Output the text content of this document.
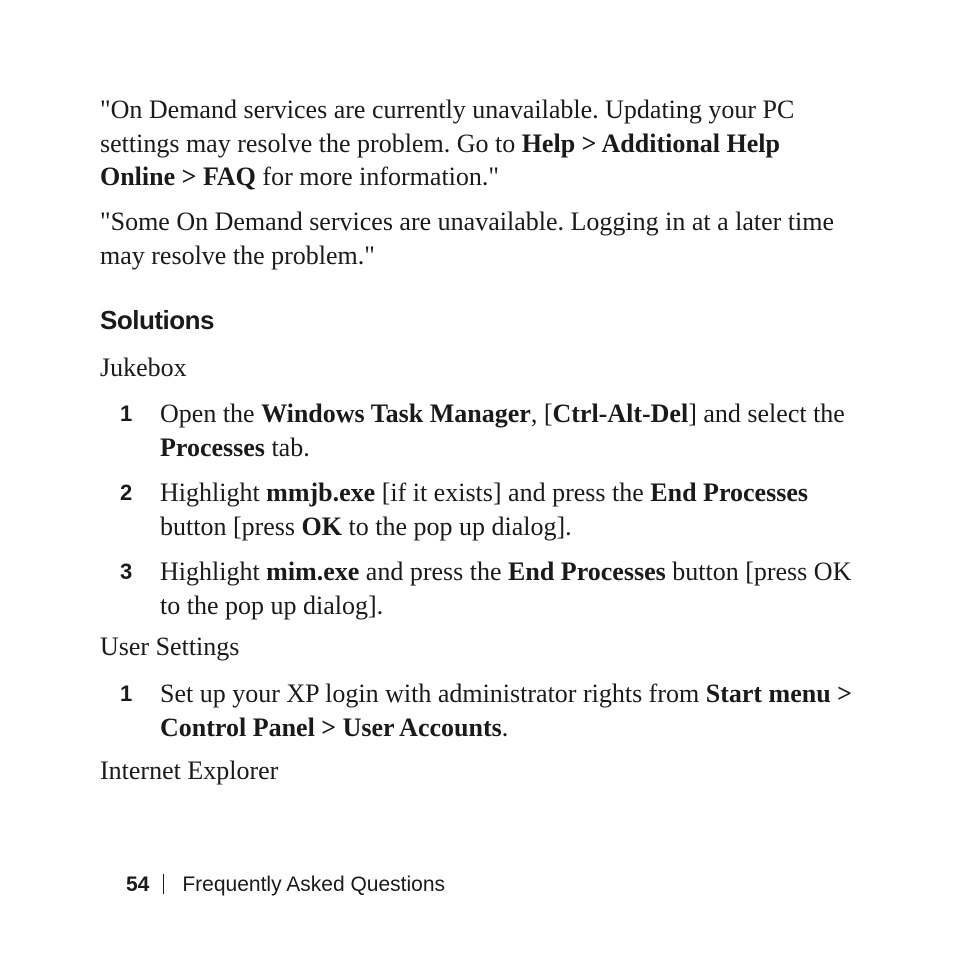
"On Demand services are currently unavailable. Updating your PC settings may resolve the problem. Go to Help > Additional Help Online > FAQ for more information."
"Some On Demand services are unavailable. Logging in at a later time may resolve the problem."
Solutions
Jukebox
1 Open the Windows Task Manager, [Ctrl-Alt-Del] and select the Processes tab.
2 Highlight mmjb.exe [if it exists] and press the End Processes button [press OK to the pop up dialog].
3 Highlight mim.exe and press the End Processes button [press OK to the pop up dialog].
User Settings
1 Set up your XP login with administrator rights from Start menu > Control Panel > User Accounts.
Internet Explorer
54 Frequently Asked Questions
